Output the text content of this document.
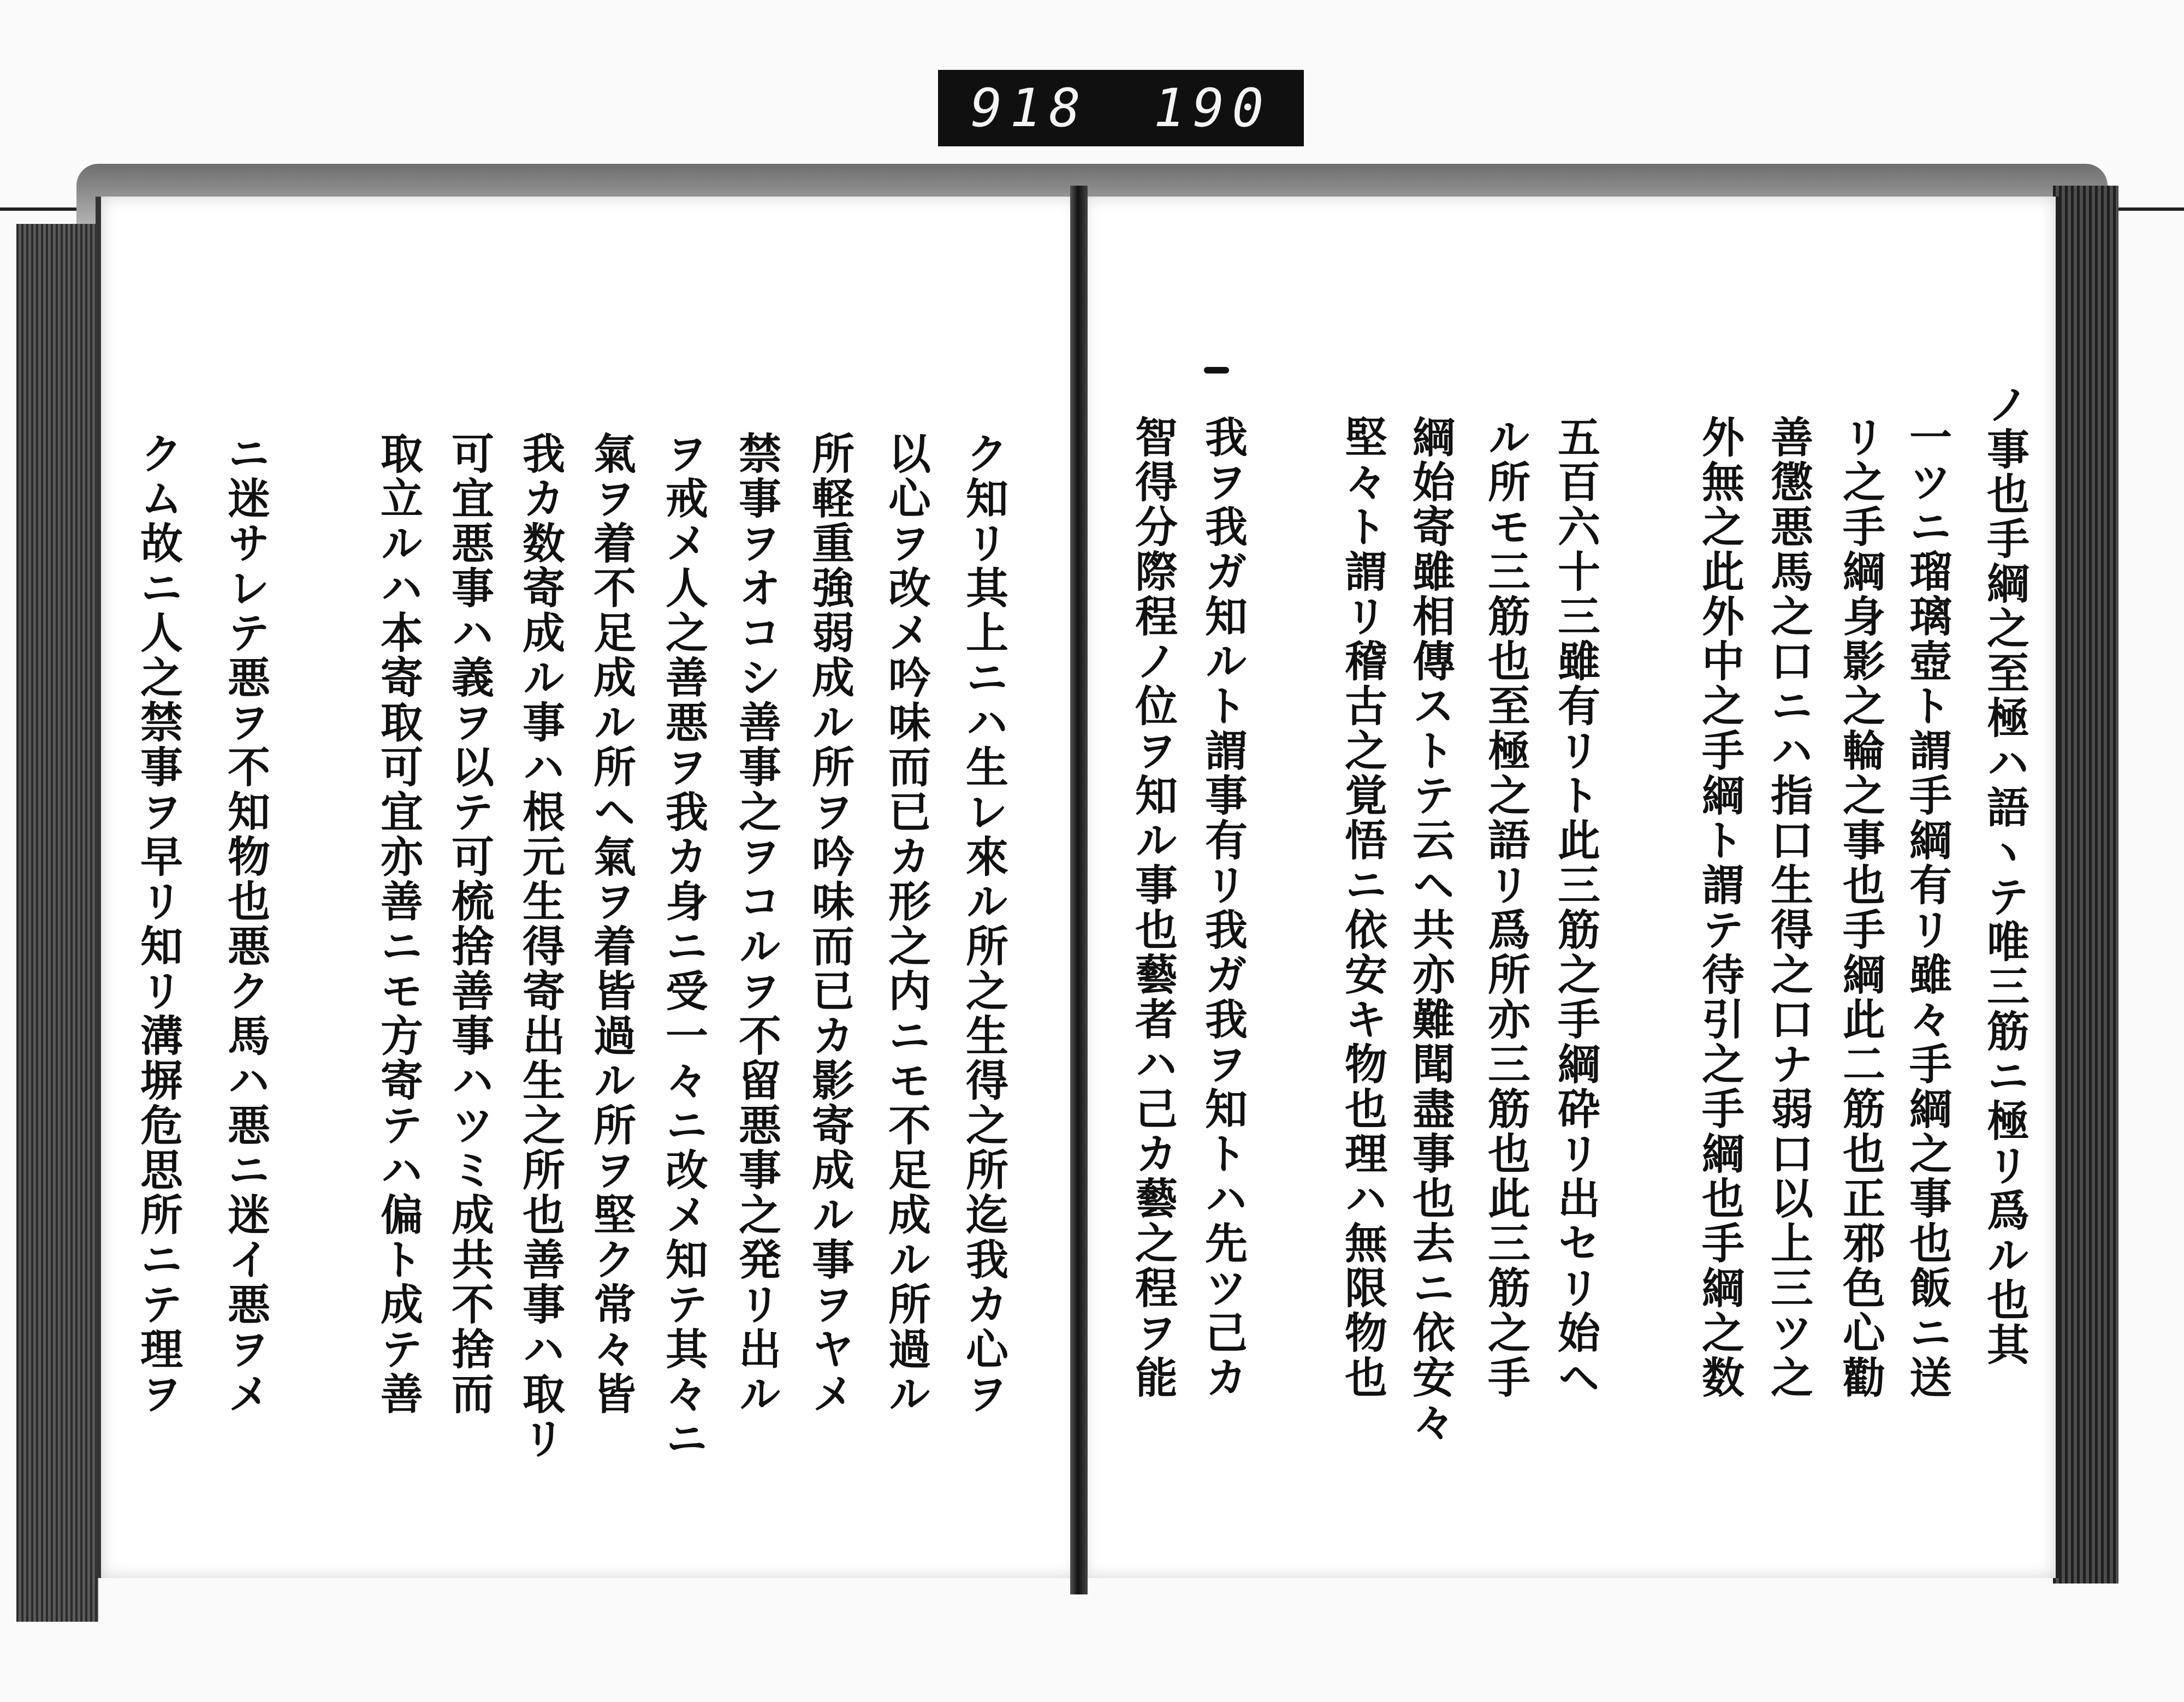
918 190
ノ事也手綱之至極ハ語ヽテ唯三筋ニ極リ爲ル也其
一ツニ瑠璃壺ト謂手綱有リ雖々手綱之事也飯ニ送
リ之手綱身影之輪之事也手綱此二筋也正邪色心勸
善懲悪馬之口ニハ指口生得之口ナ弱口以上三ツ之
外無之此外中之手綱ト謂テ待引之手綱也手綱之数
五百六十三雖有リト此三筋之手綱砕リ出セリ始ヘ
ル所モ三筋也至極之語リ爲所亦三筋也此三筋之手
綱始寄雖相傳ストテ云ヘ共亦難聞盡事也去ニ依安々
堅々ト謂リ稽古之覚悟ニ依安キ物也理ハ無限物也
我ヲ我ガ知ルト謂事有リ我ガ我ヲ知トハ先ツ己カ
智得分際程ノ位ヲ知ル事也藝者ハ己カ藝之程ヲ能
ク知リ其上ニハ生レ來ル所之生得之所迄我カ心ヲ
以心ヲ改メ吟味而已カ形之内ニモ不足成ル所過ル
所軽重強弱成ル所ヲ吟味而已カ影寄成ル事ヲヤメ
禁事ヲオコシ善事之ヲコルヲ不留悪事之発リ出ル
ヲ戒メ人之善悪ヲ我カ身ニ受一々ニ改メ知テ其々ニ
氣ヲ着不足成ル所ヘ氣ヲ着皆過ル所ヲ堅ク常々皆
我カ数寄成ル事ハ根元生得寄出生之所也善事ハ取リ
可宜悪事ハ義ヲ以テ可梳捨善事ハツミ成共不捨而
取立ルハ本寄取可宜亦善ニモ方寄テハ偏ト成テ善
ニ迷サレテ悪ヲ不知物也悪ク馬ハ悪ニ迷イ悪ヲメ
クム故ニ人之禁事ヲ早リ知リ溝塀危思所ニテ理ヲ
